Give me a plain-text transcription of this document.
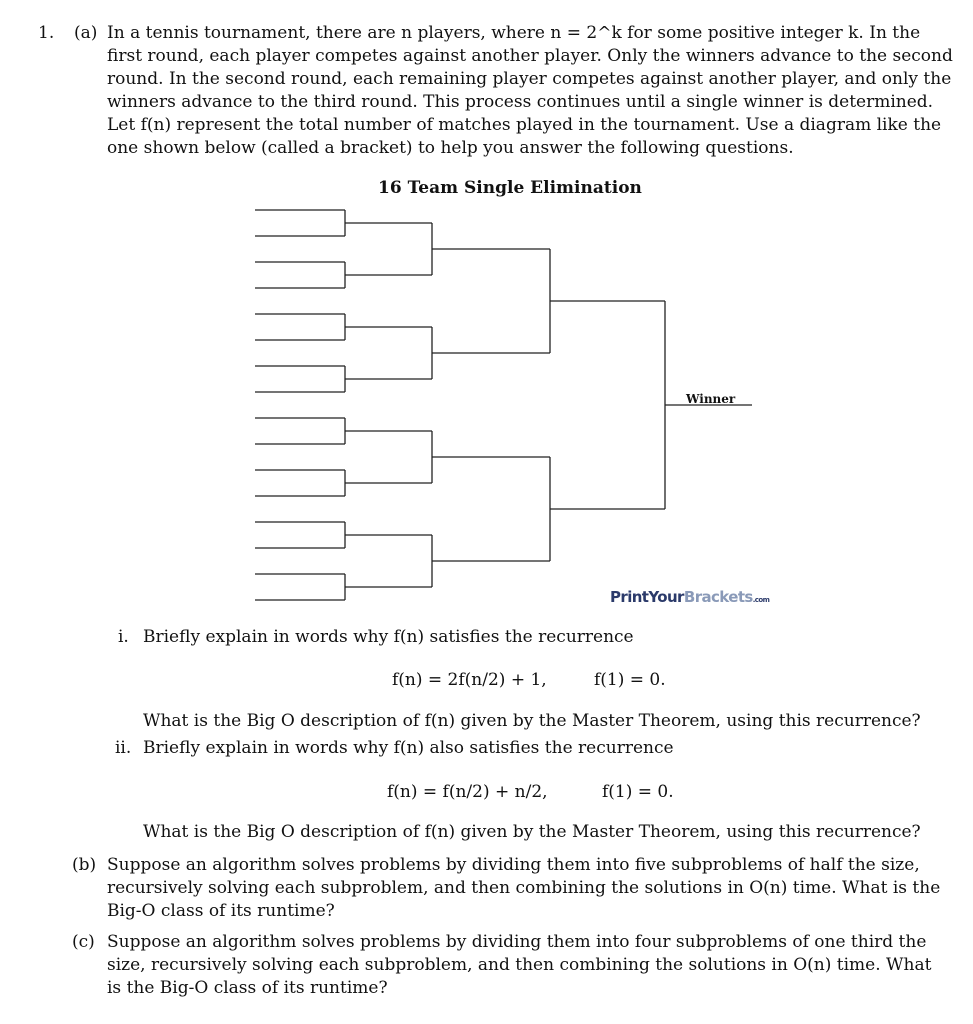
1. (a) In a tennis tournament, there are n players, where n = 2^k for some positive integer k. In the
first round, each player competes against another player. Only the winners advance to the second
round. In the second round, each remaining player competes against another player, and only the
winners advance to the third round. This process continues until a single winner is determined.
Let f(n) represent the total number of matches played in the tournament. Use a diagram like the
one shown below (called a bracket) to help you answer the following questions.
16 Team Single Elimination
Winner
PrintYourBrackets.com
i. Briefly explain in words why f(n) satisfies the recurrence
f(n) = 2f(n/2) + 1,	f(1) = 0.
What is the Big O description of f(n) given by the Master Theorem, using this recurrence?
ii. Briefly explain in words why f(n) also satisfies the recurrence
f(n) = f(n/2) + n/2,	f(1) = 0.
What is the Big O description of f(n) given by the Master Theorem, using this recurrence?
(b) Suppose an algorithm solves problems by dividing them into five subproblems of half the size,
recursively solving each subproblem, and then combining the solutions in O(n) time. What is the
Big-O class of its runtime?
(c) Suppose an algorithm solves problems by dividing them into four subproblems of one third the
size, recursively solving each subproblem, and then combining the solutions in O(n) time. What
is the Big-O class of its runtime?
